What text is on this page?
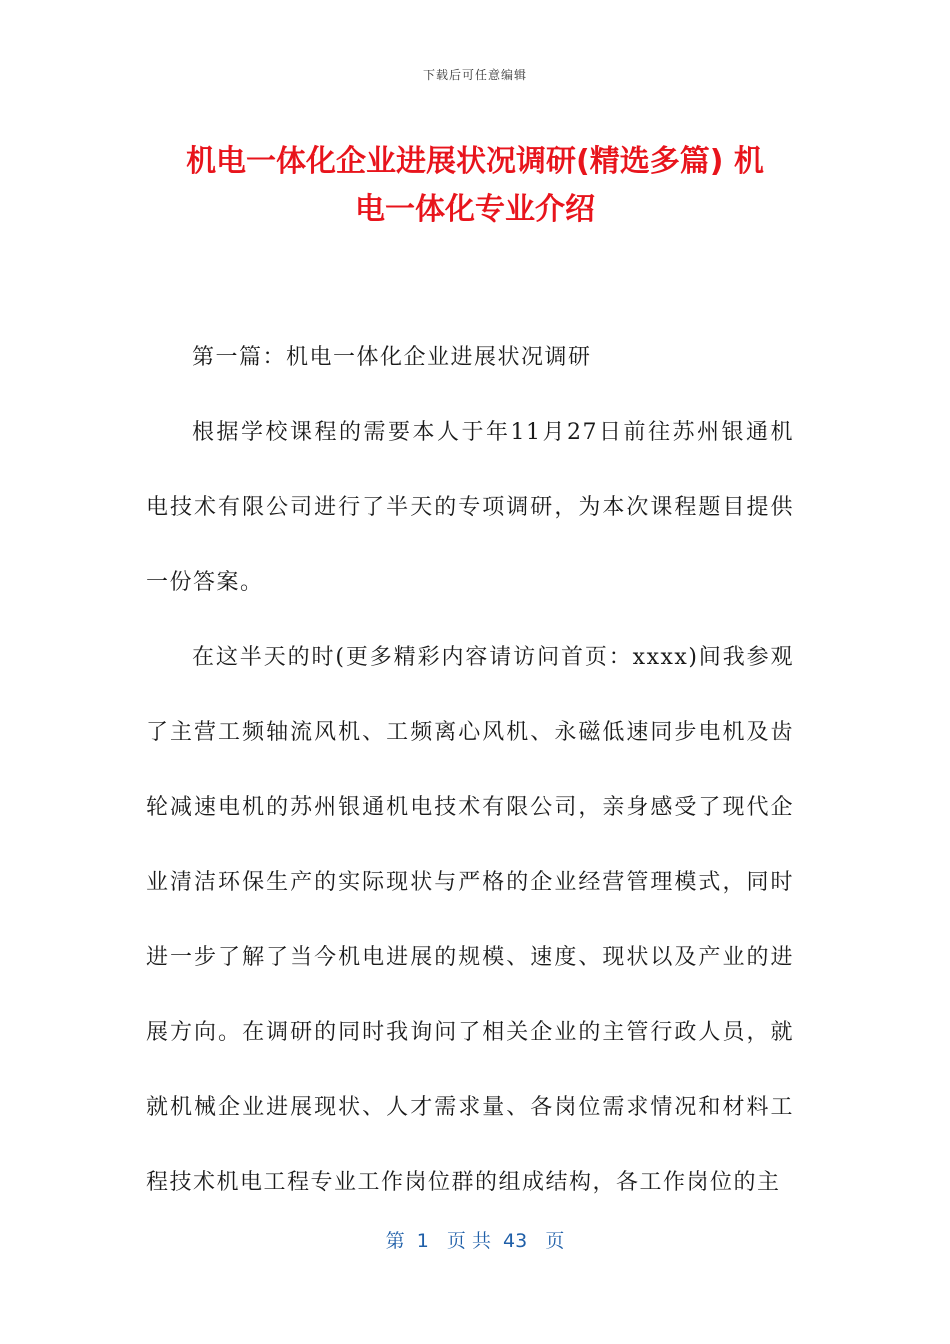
下载后可任意编辑
机电一体化企业进展状况调研(精选多篇) 机
电一体化专业介绍

第一篇：机电一体化企业进展状况调研

根据学校课程的需要本人于年11月27日前往苏州银通机电技术有限公司进行了半天的专项调研，为本次课程题目提供一份答案。

在这半天的时(更多精彩内容请访问首页：xxxx)间我参观了主营工频轴流风机、工频离心风机、永磁低速同步电机及齿轮减速电机的苏州银通机电技术有限公司，亲身感受了现代企业清洁环保生产的实际现状与严格的企业经营管理模式，同时进一步了解了当今机电进展的规模、速度、现状以及产业的进展方向。在调研的同时我询问了相关企业的主管行政人员，就就机械企业进展现状、人才需求量、各岗位需求情况和材料工程技术机电工程专业工作岗位群的组成结构，各工作岗位的主

第  1   页 共  43   页
